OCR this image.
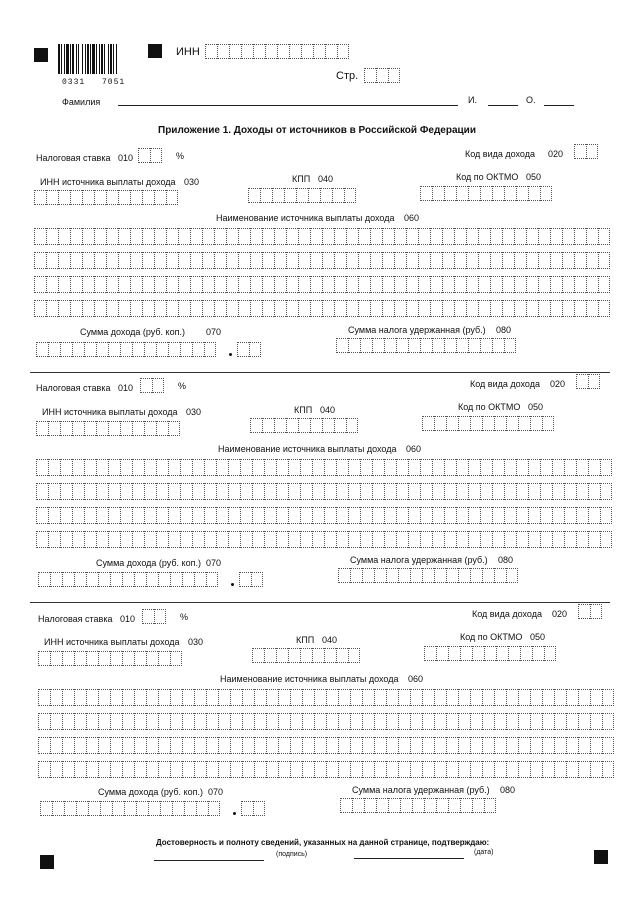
0331 7051
ИНН
Стр.
Фамилия	И.	О.
Приложение 1. Доходы от источников в Российской Федерации
Налоговая ставка 010	%	Код вида дохода 020
ИНН источника выплаты дохода 030	КПП 040	Код по ОКТМО 050
Наименование источника выплаты дохода 060
Сумма дохода (руб. коп.) 070	Сумма налога удержанная (руб.) 080
Налоговая ставка 010	%	Код вида дохода 020
ИНН источника выплаты дохода 030	КПП 040	Код по ОКТМО 050
Наименование источника выплаты дохода 060
Сумма дохода (руб. коп.) 070	Сумма налога удержанная (руб.) 080
Налоговая ставка 010	%	Код вида дохода 020
ИНН источника выплаты дохода 030	КПП 040	Код по ОКТМО 050
Наименование источника выплаты дохода 060
Сумма дохода (руб. коп.) 070	Сумма налога удержанная (руб.) 080
Достоверность и полноту сведений, указанных на данной странице, подтверждаю:
(подпись)	(дата)
